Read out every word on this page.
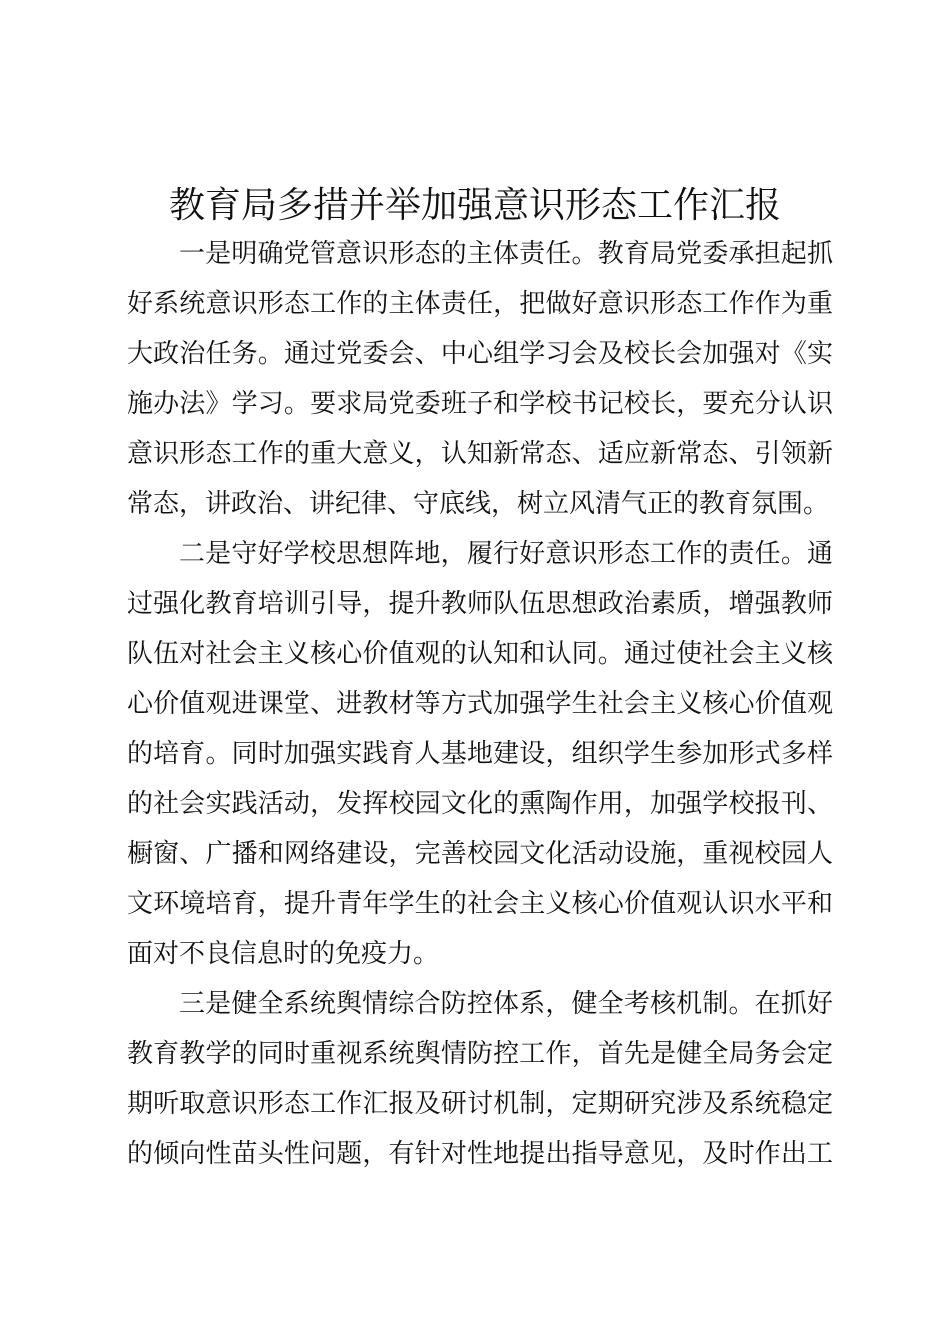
教育局多措并举加强意识形态工作汇报

一是明确党管意识形态的主体责任。教育局党委承担起抓
好系统意识形态工作的主体责任，把做好意识形态工作作为重
大政治任务。通过党委会、中心组学习会及校长会加强对《实
施办法》学习。要求局党委班子和学校书记校长，要充分认识
意识形态工作的重大意义，认知新常态、适应新常态、引领新
常态，讲政治、讲纪律、守底线，树立风清气正的教育氛围。

二是守好学校思想阵地，履行好意识形态工作的责任。通
过强化教育培训引导，提升教师队伍思想政治素质，增强教师
队伍对社会主义核心价值观的认知和认同。通过使社会主义核
心价值观进课堂、进教材等方式加强学生社会主义核心价值观
的培育。同时加强实践育人基地建设，组织学生参加形式多样
的社会实践活动，发挥校园文化的熏陶作用，加强学校报刊、
橱窗、广播和网络建设，完善校园文化活动设施，重视校园人
文环境培育，提升青年学生的社会主义核心价值观认识水平和
面对不良信息时的免疫力。

三是健全系统舆情综合防控体系，健全考核机制。在抓好
教育教学的同时重视系统舆情防控工作，首先是健全局务会定
期听取意识形态工作汇报及研讨机制，定期研究涉及系统稳定
的倾向性苗头性问题，有针对性地提出指导意见，及时作出工
